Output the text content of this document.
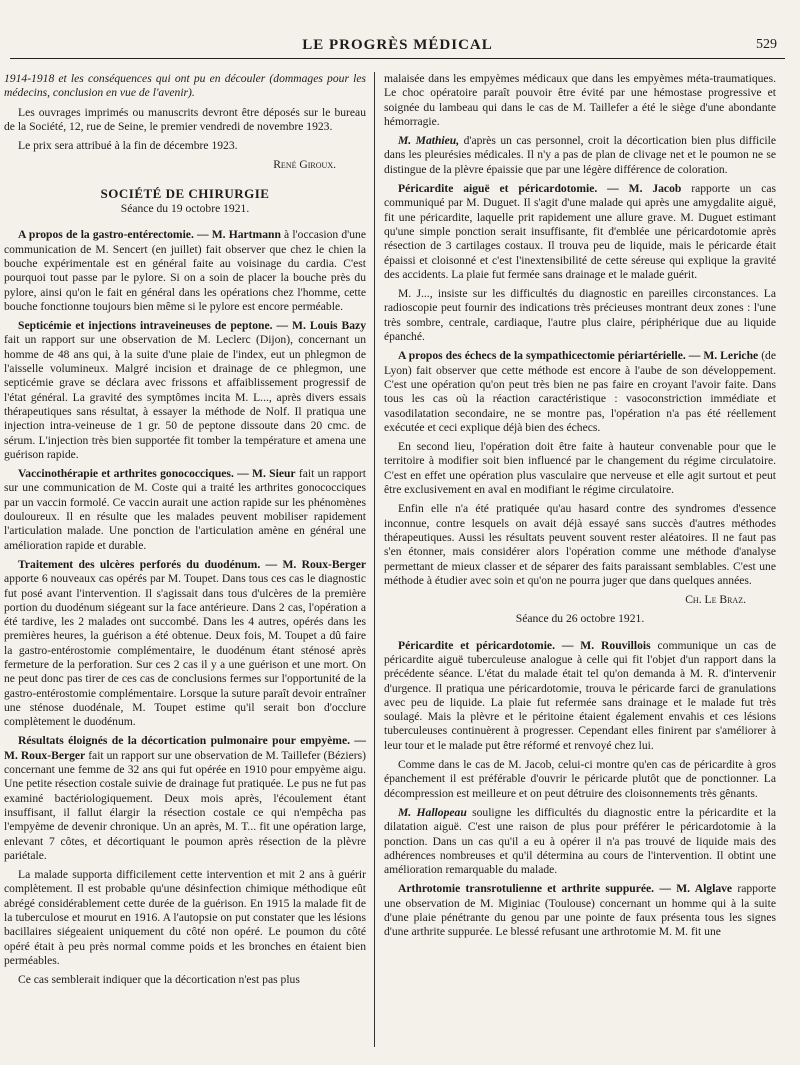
LE PROGRÈS MÉDICAL	529

1914-1918 et les conséquences qui ont pu en découler (dommages pour les médecins, conclusion en vue de l'avenir).

Les ouvrages imprimés ou manuscrits devront être déposés sur le bureau de la Société, 12, rue de Seine, le premier vendredi de novembre 1923.

Le prix sera attribué à la fin de décembre 1923.

René Giroux.

SOCIÉTÉ DE CHIRURGIE

Séance du 19 octobre 1921.

A propos de la gastro-entérectomie. — M. Hartmann à l'occasion d'une communication de M. Sencert (en juillet) fait observer que chez le chien la bouche expérimentale est en général faite au voisinage du cardia. C'est pourquoi tout passe par le pylore. Si on a soin de placer la bouche près du pylore, ainsi qu'on le fait en général dans les opérations chez l'homme, cette bouche fonctionne toujours bien même si le pylore est encore perméable.

Septicémie et injections intraveineuses de peptone. — M. Louis Bazy fait un rapport sur une observation de M. Leclerc (Dijon), concernant un homme de 48 ans qui, à la suite d'une plaie de l'index, eut un phlegmon de l'aisselle volumineux. Malgré incision et drainage de ce phlegmon, une septicémie grave se déclara avec frissons et affaiblissement progressif de l'état général. La gravité des symptômes incita M. L..., après divers essais thérapeutiques sans résultat, à essayer la méthode de Nolf. Il pratiqua une injection intra-veineuse de 1 gr. 50 de peptone dissoute dans 20 cmc. de sérum. L'injection très bien supportée fit tomber la température et amena une guérison rapide.

Vaccinothérapie et arthrites gonococciques. — M. Sieur fait un rapport sur une communication de M. Coste qui a traité les arthrites gonococciques par un vaccin formolé. Ce vaccin aurait une action rapide sur les phénomènes douloureux. Il en résulte que les malades peuvent mobiliser rapidement l'articulation malade. Une ponction de l'articulation amène en général une amélioration rapide et durable.

Traitement des ulcères perforés du duodénum. — M. Roux-Berger apporte 6 nouveaux cas opérés par M. Toupet. Dans tous ces cas le diagnostic fut posé avant l'intervention. Il s'agissait dans tous d'ulcères de la première portion du duodénum siégeant sur la face antérieure. Dans 2 cas, l'opération a été tardive, les 2 malades ont succombé. Dans les 4 autres, opérés dans les premières heures, la guérison a été obtenue. Deux fois, M. Toupet a dû faire la gastro-entérostomie complémentaire, le duodénum étant sténosé après fermeture de la perforation. Sur ces 2 cas il y a une guérison et une mort. On ne peut donc pas tirer de ces cas de conclusions fermes sur l'opportunité de la gastro-entérostomie complémentaire. Lorsque la suture paraît devoir entraîner une sténose duodénale, M. Toupet estime qu'il serait bon d'occlure complètement le duodénum.

Résultats éloignés de la décortication pulmonaire pour empyème. — M. Roux-Berger fait un rapport sur une observation de M. Taillefer (Béziers) concernant une femme de 32 ans qui fut opérée en 1910 pour empyème aigu. Une petite résection costale suivie de drainage fut pratiquée. Le pus ne fut pas examiné bactériologiquement. Deux mois après, l'écoulement étant insuffisant, il fallut élargir la résection costale ce qui n'empêcha pas l'empyème de devenir chronique. Un an après, M. T... fit une opération large, enlevant 7 côtes, et décortiquant le poumon après résection de la plèvre pariétale.

La malade supporta difficilement cette intervention et mit 2 ans à guérir complètement. Il est probable qu'une désinfection chimique méthodique eût abrégé considérablement cette durée de la guérison. En 1915 la malade fit de la tuberculose et mourut en 1916. A l'autopsie on put constater que les lésions bacillaires siégeaient uniquement du côté non opéré. Le poumon du côté opéré était à peu près normal comme poids et les bronches en étaient bien perméables.

Ce cas semblerait indiquer que la décortication n'est pas plus

malaisée dans les empyèmes médicaux que dans les empyèmes méta-traumatiques. Le choc opératoire paraît pouvoir être évité par une hémostase progressive et soignée du lambeau qui dans le cas de M. Taillefer a été le siège d'une abondante hémorragie.

M. Mathieu, d'après un cas personnel, croit la décortication bien plus difficile dans les pleurésies médicales. Il n'y a pas de plan de clivage net et le poumon ne se distingue de la plèvre épaissie que par une légère différence de coloration.

Péricardite aiguë et péricardotomie. — M. Jacob rapporte un cas communiqué par M. Duguet. Il s'agit d'une malade qui après une amygdalite aiguë, fit une péricardite, laquelle prit rapidement une allure grave. M. Duguet estimant qu'une simple ponction serait insuffisante, fit d'emblée une péricardotomie après résection de 3 cartilages costaux. Il trouva peu de liquide, mais le péricarde était épaissi et cloisonné et c'est l'inextensibilité de cette séreuse qui explique la gravité des accidents. La plaie fut fermée sans drainage et le malade guérit.

M. J..., insiste sur les difficultés du diagnostic en pareilles circonstances. La radioscopie peut fournir des indications très précieuses montrant deux zones : l'une très sombre, centrale, cardiaque, l'autre plus claire, périphérique due au liquide épanché.

A propos des échecs de la sympathicectomie périartérielle. — M. Leriche (de Lyon) fait observer que cette méthode est encore à l'aube de son développement. C'est une opération qu'on peut très bien ne pas faire en croyant l'avoir faite. Dans tous les cas où la réaction caractéristique : vasoconstriction immédiate et vasodilatation secondaire, ne se montre pas, l'opération n'a pas été réellement exécutée et ceci explique déjà bien des échecs.

En second lieu, l'opération doit être faite à hauteur convenable pour que le territoire à modifier soit bien influencé par le changement du régime circulatoire. C'est en effet une opération plus vasculaire que nerveuse et elle agit surtout et peut être exclusivement en aval en modifiant le régime circulatoire.

Enfin elle n'a été pratiquée qu'au hasard contre des syndromes d'essence inconnue, contre lesquels on avait déjà essayé sans succès d'autres méthodes thérapeutiques. Aussi les résultats peuvent souvent rester aléatoires. Il ne faut pas s'en étonner, mais considérer alors l'opération comme une méthode d'analyse permettant de mieux classer et de séparer des faits paraissant semblables. C'est une méthode à étudier avec soin et qu'on ne pourra juger que dans quelques années.

Ch. Le Braz.

Séance du 26 octobre 1921.

Péricardite et péricardotomie. — M. Rouvillois communique un cas de péricardite aiguë tuberculeuse analogue à celle qui fit l'objet d'un rapport dans la précédente séance. L'état du malade était tel qu'on demanda à M. R. d'intervenir d'urgence. Il pratiqua une péricardotomie, trouva le péricarde farci de granulations avec peu de liquide. La plaie fut refermée sans drainage et le malade fut très soulagé. Mais la plèvre et le péritoine étaient également envahis et ces lésions tuberculeuses continuèrent à progresser. Cependant elles finirent par s'améliorer à leur tour et le malade put être réformé et renvoyé chez lui.

Comme dans le cas de M. Jacob, celui-ci montre qu'en cas de péricardite à gros épanchement il est préférable d'ouvrir le péricarde plutôt que de ponctionner. La décompression est meilleure et on peut détruire des cloisonnements très gênants.

M. Hallopeau souligne les difficultés du diagnostic entre la péricardite et la dilatation aiguë. C'est une raison de plus pour préférer le péricardotomie à la ponction. Dans un cas qu'il a eu à opérer il n'a pas trouvé de liquide mais des adhérences nombreuses et qu'il détermina au cours de l'intervention. Il obtint une amélioration remarquable du malade.

Arthrotomie transrotulienne et arthrite suppurée. — M. Alglave rapporte une observation de M. Miginiac (Toulouse) concernant un homme qui à la suite d'une plaie pénétrante du genou par une pointe de faux présenta tous les signes d'une arthrite suppurée. Le blessé refusant une arthrotomie M. M. fit une
